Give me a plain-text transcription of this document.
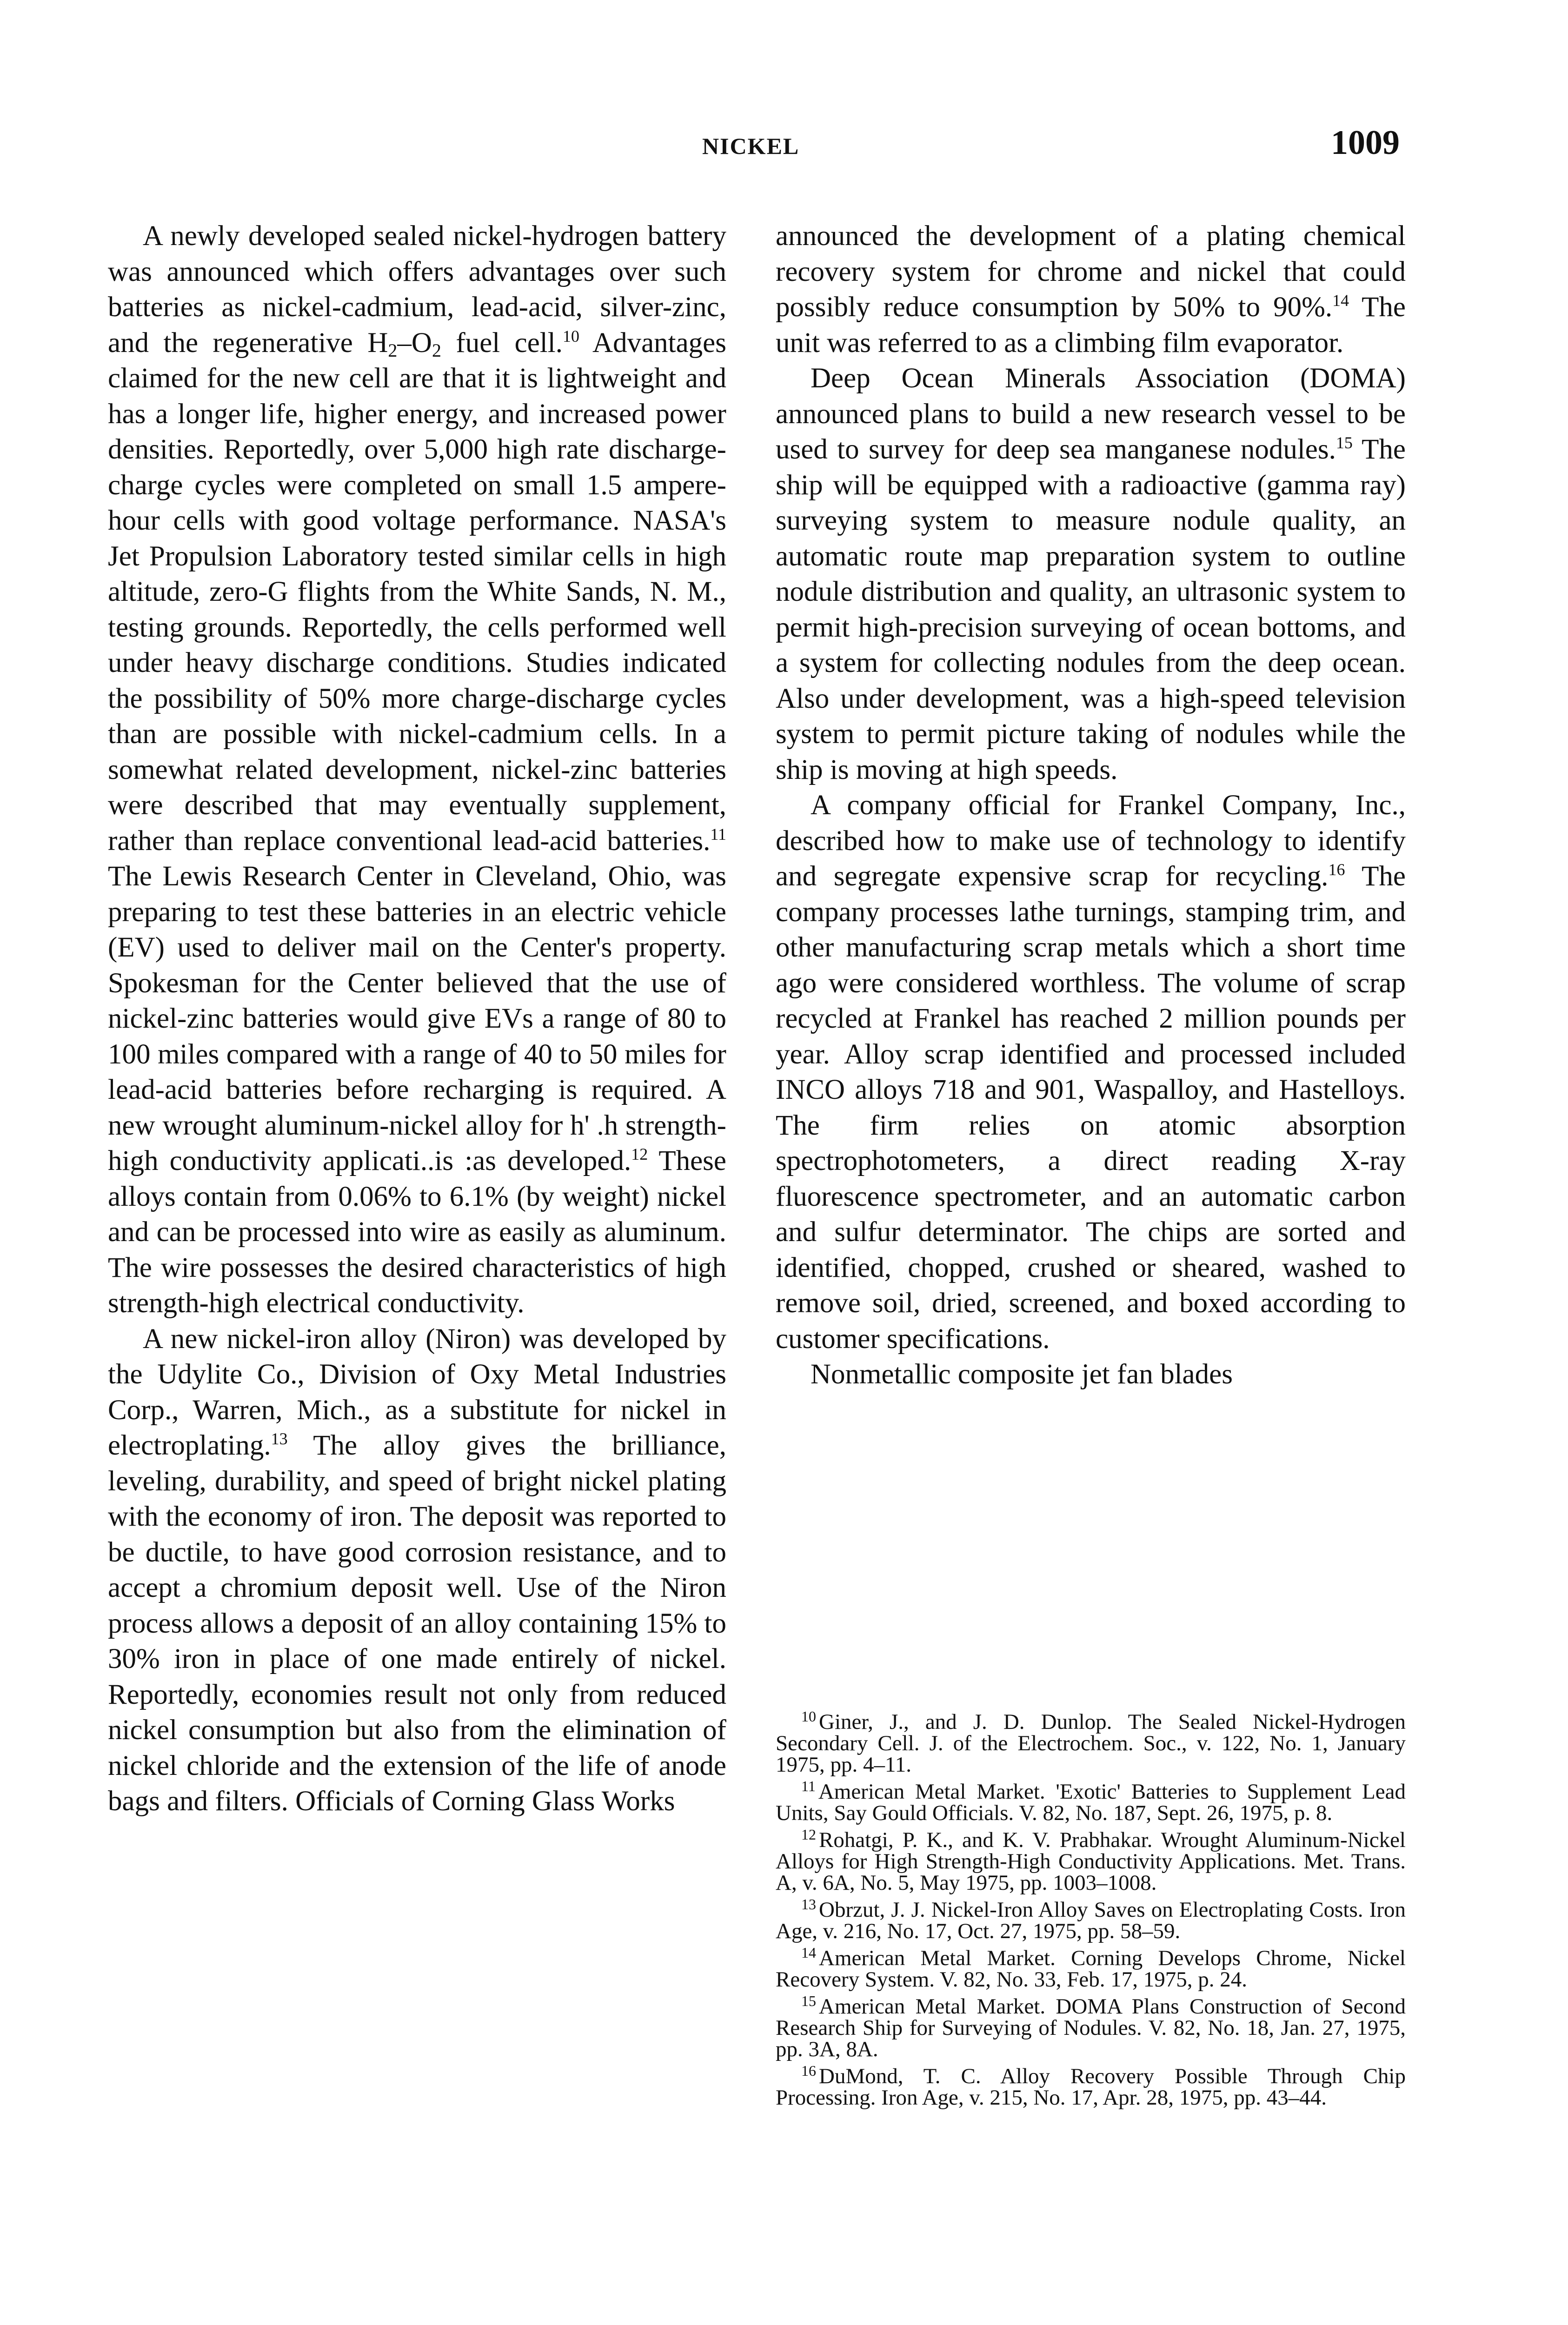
NICKEL	1009

A newly developed sealed nickel-hydrogen battery was announced which offers advantages over such batteries as nickel-cadmium, lead-acid, silver-zinc, and the regenerative $H_2-O_2$ fuel cell.$^{10}$ Advantages claimed for the new cell are that it is lightweight and has a longer life, higher energy, and increased power densities. Reportedly, over 5,000 high rate discharge-charge cycles were completed on small 1.5 ampere-hour cells with good voltage performance. NASA's Jet Propulsion Laboratory tested similar cells in high altitude, zero-G flights from the White Sands, N. M., testing grounds. Reportedly, the cells performed well under heavy discharge conditions. Studies indicated the possibility of 50% more charge-discharge cycles than are possible with nickel-cadmium cells. In a somewhat related development, nickel-zinc batteries were described that may eventually supplement, rather than replace conventional lead-acid batteries.$^{11}$ The Lewis Research Center in Cleveland, Ohio, was preparing to test these batteries in an electric vehicle (EV) used to deliver mail on the Center's property. Spokesman for the Center believed that the use of nickel-zinc batteries would give EVs a range of 80 to 100 miles compared with a range of 40 to 50 miles for lead-acid batteries before recharging is required. A new wrought aluminum-nickel alloy for h' .h strength-high conductivity applicati..is :as developed.$^{12}$ These alloys contain from 0.06% to 6.1% (by weight) nickel and can be processed into wire as easily as aluminum. The wire possesses the desired characteristics of high strength-high electrical conductivity.

A new nickel-iron alloy (Niron) was developed by the Udylite Co., Division of Oxy Metal Industries Corp., Warren, Mich., as a substitute for nickel in electroplating.$^{13}$ The alloy gives the brilliance, leveling, durability, and speed of bright nickel plating with the economy of iron. The deposit was reported to be ductile, to have good corrosion resistance, and to accept a chromium deposit well. Use of the Niron process allows a deposit of an alloy containing 15% to 30% iron in place of one made entirely of nickel. Reportedly, economies result not only from reduced nickel consumption but also from the elimination of nickel chloride and the extension of the life of anode bags and filters. Officials of Corning Glass Works

announced the development of a plating chemical recovery system for chrome and nickel that could possibly reduce consumption by 50% to 90%.$^{14}$ The unit was referred to as a climbing film evaporator.

Deep Ocean Minerals Association (DOMA) announced plans to build a new research vessel to be used to survey for deep sea manganese nodules.$^{15}$ The ship will be equipped with a radioactive (gamma ray) surveying system to measure nodule quality, an automatic route map preparation system to outline nodule distribution and quality, an ultrasonic system to permit high-precision surveying of ocean bottoms, and a system for collecting nodules from the deep ocean. Also under development, was a high-speed television system to permit picture taking of nodules while the ship is moving at high speeds.

A company official for Frankel Company, Inc., described how to make use of technology to identify and segregate expensive scrap for recycling.$^{16}$ The company processes lathe turnings, stamping trim, and other manufacturing scrap metals which a short time ago were considered worthless. The volume of scrap recycled at Frankel has reached 2 million pounds per year. Alloy scrap identified and processed included INCO alloys 718 and 901, Waspalloy, and Hastelloys. The firm relies on atomic absorption spectrophotometers, a direct reading X-ray fluorescence spectrometer, and an automatic carbon and sulfur determinator. The chips are sorted and identified, chopped, crushed or sheared, washed to remove soil, dried, screened, and boxed according to customer specifications.

Nonmetallic composite jet fan blades

$^{10}$ Giner, J., and J. D. Dunlop. The Sealed Nickel-Hydrogen Secondary Cell. J. of the Electrochem. Soc., v. 122, No. 1, January 1975, pp. 4–11.

$^{11}$ American Metal Market. 'Exotic' Batteries to Supplement Lead Units, Say Gould Officials. V. 82, No. 187, Sept. 26, 1975, p. 8.

$^{12}$ Rohatgi, P. K., and K. V. Prabhakar. Wrought Aluminum-Nickel Alloys for High Strength-High Conductivity Applications. Met. Trans. A, v. 6A, No. 5, May 1975, pp. 1003–1008.

$^{13}$ Obrzut, J. J. Nickel-Iron Alloy Saves on Electroplating Costs. Iron Age, v. 216, No. 17, Oct. 27, 1975, pp. 58–59.

$^{14}$ American Metal Market. Corning Develops Chrome, Nickel Recovery System. V. 82, No. 33, Feb. 17, 1975, p. 24.

$^{15}$ American Metal Market. DOMA Plans Construction of Second Research Ship for Surveying of Nodules. V. 82, No. 18, Jan. 27, 1975, pp. 3A, 8A.

$^{16}$ DuMond, T. C. Alloy Recovery Possible Through Chip Processing. Iron Age, v. 215, No. 17, Apr. 28, 1975, pp. 43–44.
